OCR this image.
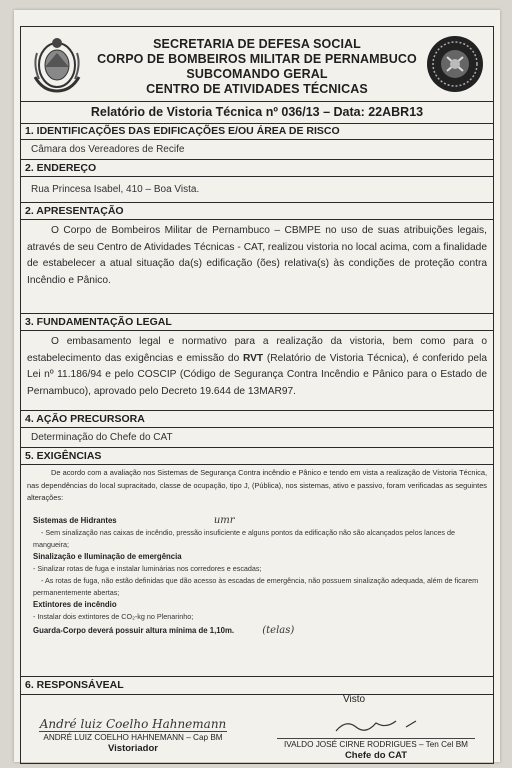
SECRETARIA DE DEFESA SOCIAL
CORPO DE BOMBEIROS MILITAR DE PERNAMBUCO
SUBCOMANDO GERAL
CENTRO DE ATIVIDADES TÉCNICAS
Relatório de Vistoria Técnica nº 036/13 – Data: 22ABR13
1. IDENTIFICAÇÕES DAS EDIFICAÇÕES E/OU ÁREA DE RISCO
Câmara dos Vereadores de Recife
2. ENDEREÇO
Rua Princesa Isabel, 410 – Boa Vista.
2. APRESENTAÇÃO
O Corpo de Bombeiros Militar de Pernambuco – CBMPE no uso de suas atribuições legais, através de seu Centro de Atividades Técnicas - CAT, realizou vistoria no local acima, com a finalidade de estabelecer a atual situação da(s) edificação (ões) relativa(s) às condições de proteção contra Incêndio e Pânico.
3. FUNDAMENTAÇÃO LEGAL
O embasamento legal e normativo para a realização da vistoria, bem como para o estabelecimento das exigências e emissão do RVT (Relatório de Vistoria Técnica), é conferido pela Lei nº 11.186/94 e pelo COSCIP (Código de Segurança Contra Incêndio e Pânico para o Estado de Pernambuco), aprovado pelo Decreto 19.644 de 13MAR97.
4. AÇÃO PRECURSORA
Determinação do Chefe do CAT
5. EXIGÊNCIAS
De acordo com a avaliação nos Sistemas de Segurança Contra incêndio e Pânico e tendo em vista a realização de Vistoria Técnica, nas dependências do local supracitado, classe de ocupação, tipo J, (Pública), nos sistemas, ativo e passivo, foram verificadas as seguintes alterações:
Sistemas de Hidrantes	umr
- Sem sinalização nas caixas de incêndio, pressão insuficiente e alguns pontos da edificação não são alcançados pelos lances de mangueira;
Sinalização e Iluminação de emergência
- Sinalizar rotas de fuga e instalar luminárias nos corredores e escadas;
- As rotas de fuga, não estão definidas que dão acesso às escadas de emergência, não possuem sinalização adequada, além de ficarem permanentemente abertas;
Extintores de incêndio
- Instalar dois extintores de CO₂-kg no Plenarinho;
Guarda-Corpo deverá possuir altura mínima de 1,10m.	(telas)
6. RESPONSÁVEAL
Visto
André luiz Coelho Hahnemann
ANDRÉ LUIZ COELHO HAHNEMANN – Cap BM
Vistoriador	IVALDO JOSÉ CIRNE RODRIGUES – Ten Cel BM
Chefe do CAT
